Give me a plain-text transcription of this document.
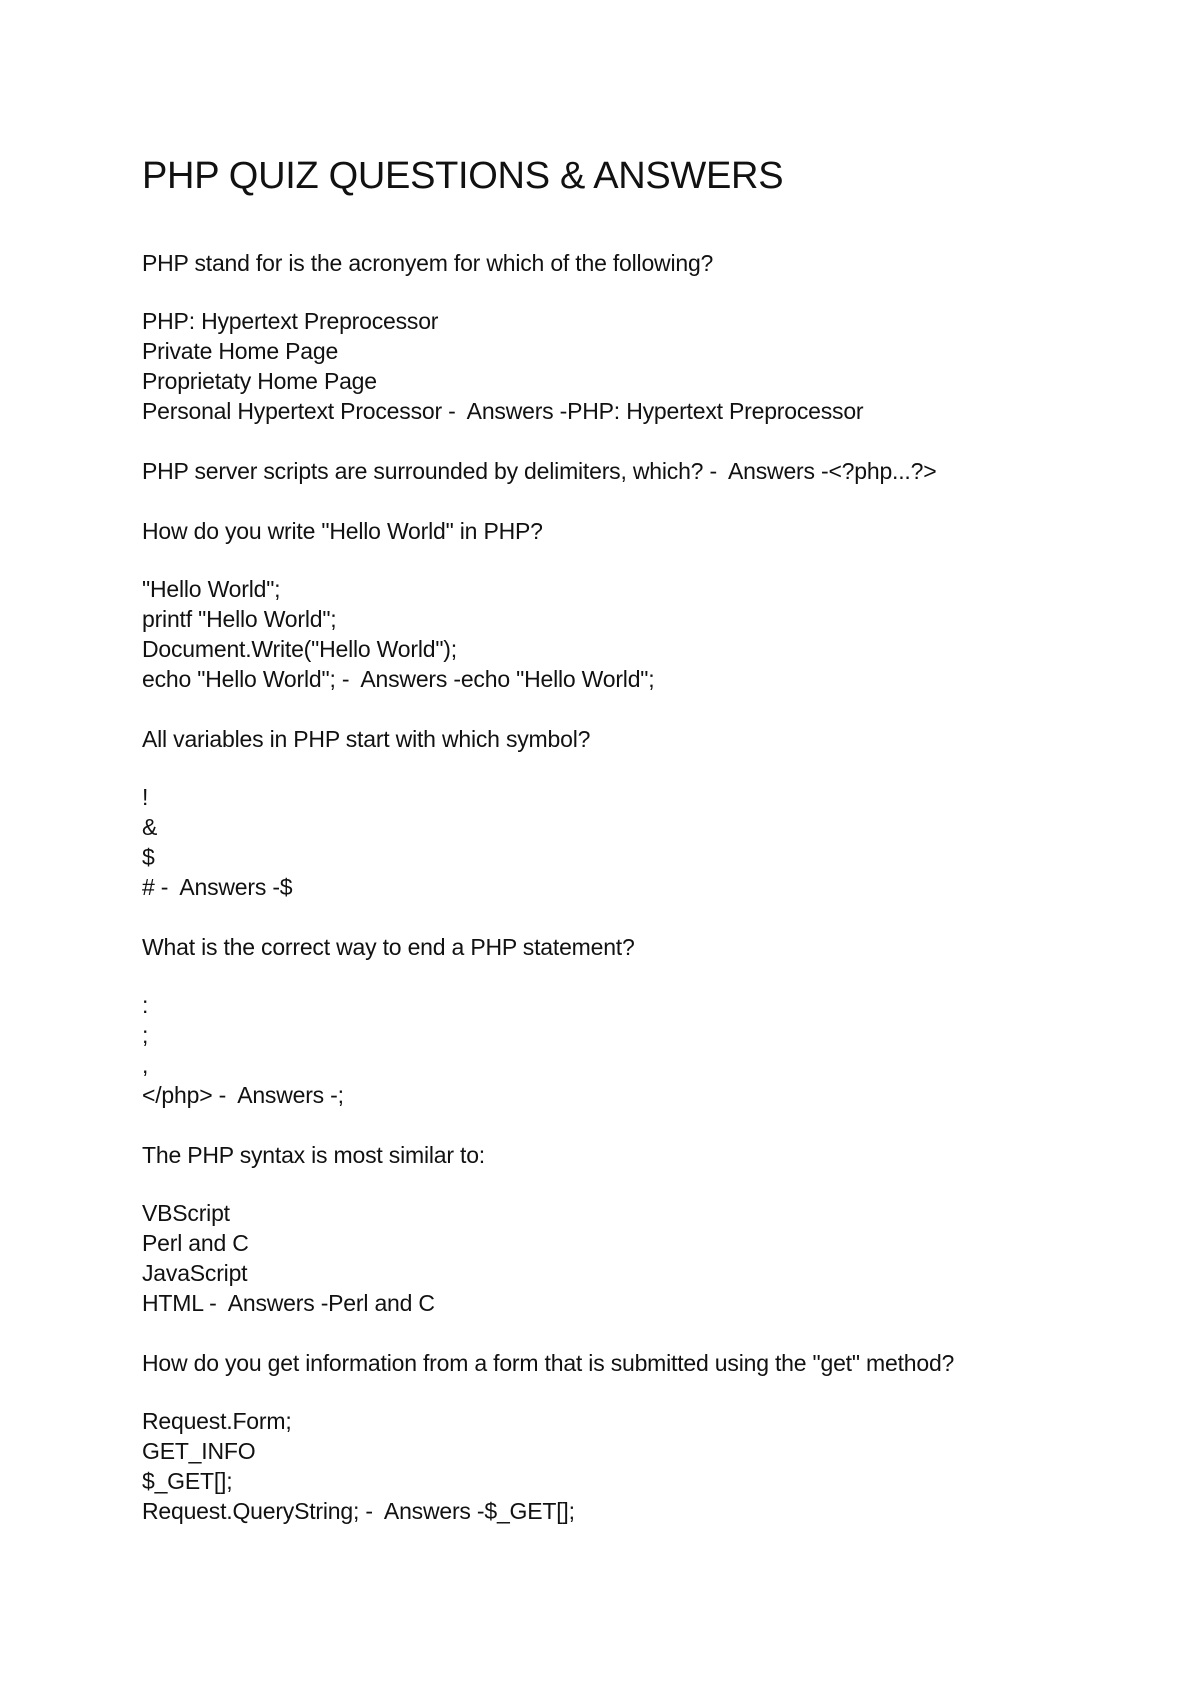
PHP QUIZ QUESTIONS & ANSWERS
PHP stand for is the acronyem for which of the following?
PHP: Hypertext Preprocessor
Private Home Page
Proprietaty Home Page
Personal Hypertext Processor -  Answers -PHP: Hypertext Preprocessor
PHP server scripts are surrounded by delimiters, which? -  Answers -<?php...?>
How do you write "Hello World" in PHP?
"Hello World";
printf "Hello World";
Document.Write("Hello World");
echo "Hello World"; -  Answers -echo "Hello World";
All variables in PHP start with which symbol?
!
&
$
# -  Answers -$
What is the correct way to end a PHP statement?
:
;
,
</php> -  Answers -;
The PHP syntax is most similar to:
VBScript
Perl and C
JavaScript
HTML -  Answers -Perl and C
How do you get information from a form that is submitted using the "get" method?
Request.Form;
GET_INFO
$_GET[];
Request.QueryString; -  Answers -$_GET[];
